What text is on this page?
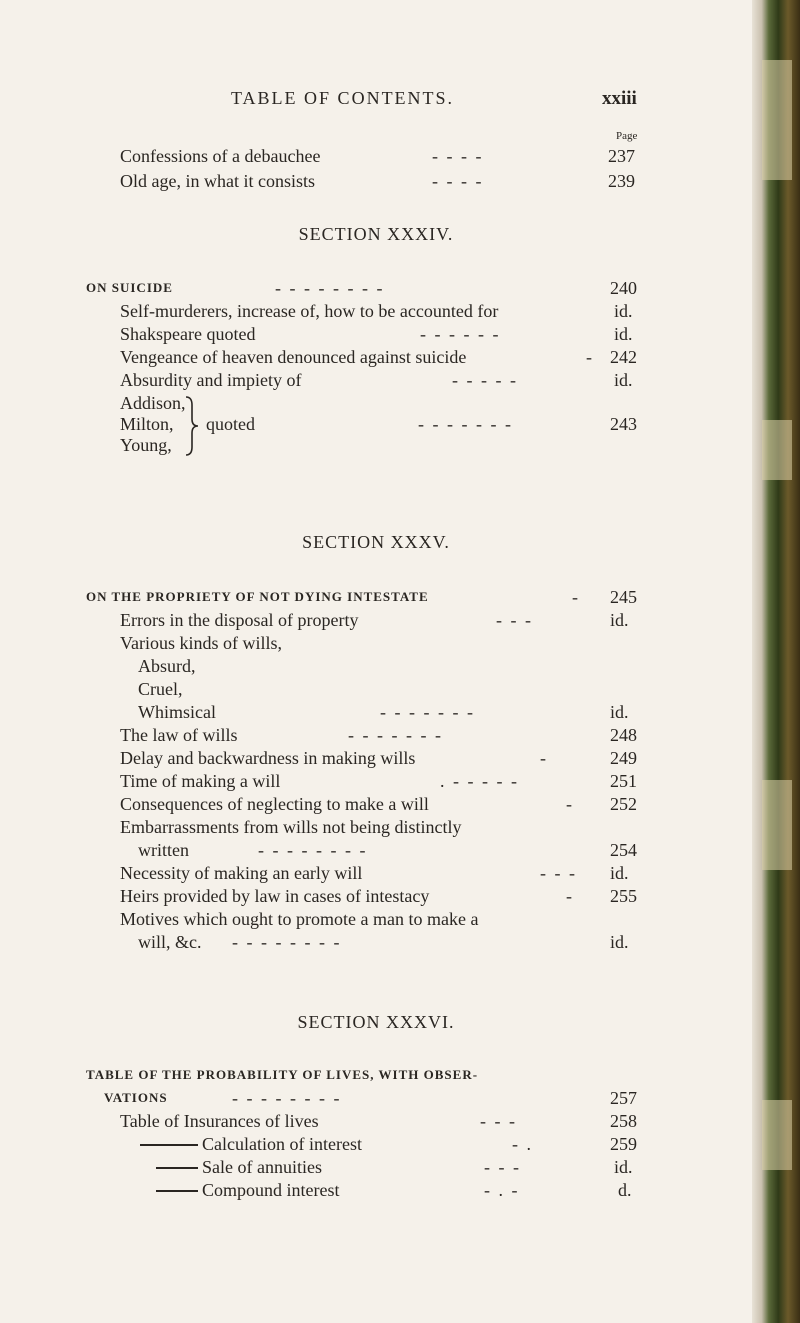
TABLE OF CONTENTS.	xxiii
Page
Confessions of a debauchee	- - - -	237
Old age, in what it consists	- - - -	239
SECTION XXXIV.
ON SUICIDE	- - - - - - - -	240
Self-murderers, increase of, how to be accounted for	id.
Shakspeare quoted	- - - - - -	id.
Vengeance of heaven denounced against suicide	- 242
Absurdity and impiety of	- - - - -	id.
Addison,
Milton, quoted	- - - - - - -	243
Young,
SECTION XXXV.
ON THE PROPRIETY OF NOT DYING INTESTATE	- 245
Errors in the disposal of property	- - -	id.
Various kinds of wills,
Absurd,
Cruel,
Whimsical	- - - - - - -	id.
The law of wills	- - - - - - -	248
Delay and backwardness in making wills	-	249
Time of making a will	. - - - - -	251
Consequences of neglecting to make a will	- 252
Embarrassments from wills not being distinctly
written	- - - - - - - -	254
Necessity of making an early will	- - - id.
Heirs provided by law in cases of intestacy	- 255
Motives which ought to promote a man to make a
will, &c. - - - - - - - -	id.
SECTION XXXVI.
TABLE OF THE PROBABILITY OF LIVES, WITH OBSER-
VATIONS	- - - - - - - -	257
Table of Insurances of lives	- - -	258
Calculation of interest	- .	259
Sale of annuities	- - -	id.
Compound interest	- . -	d.
